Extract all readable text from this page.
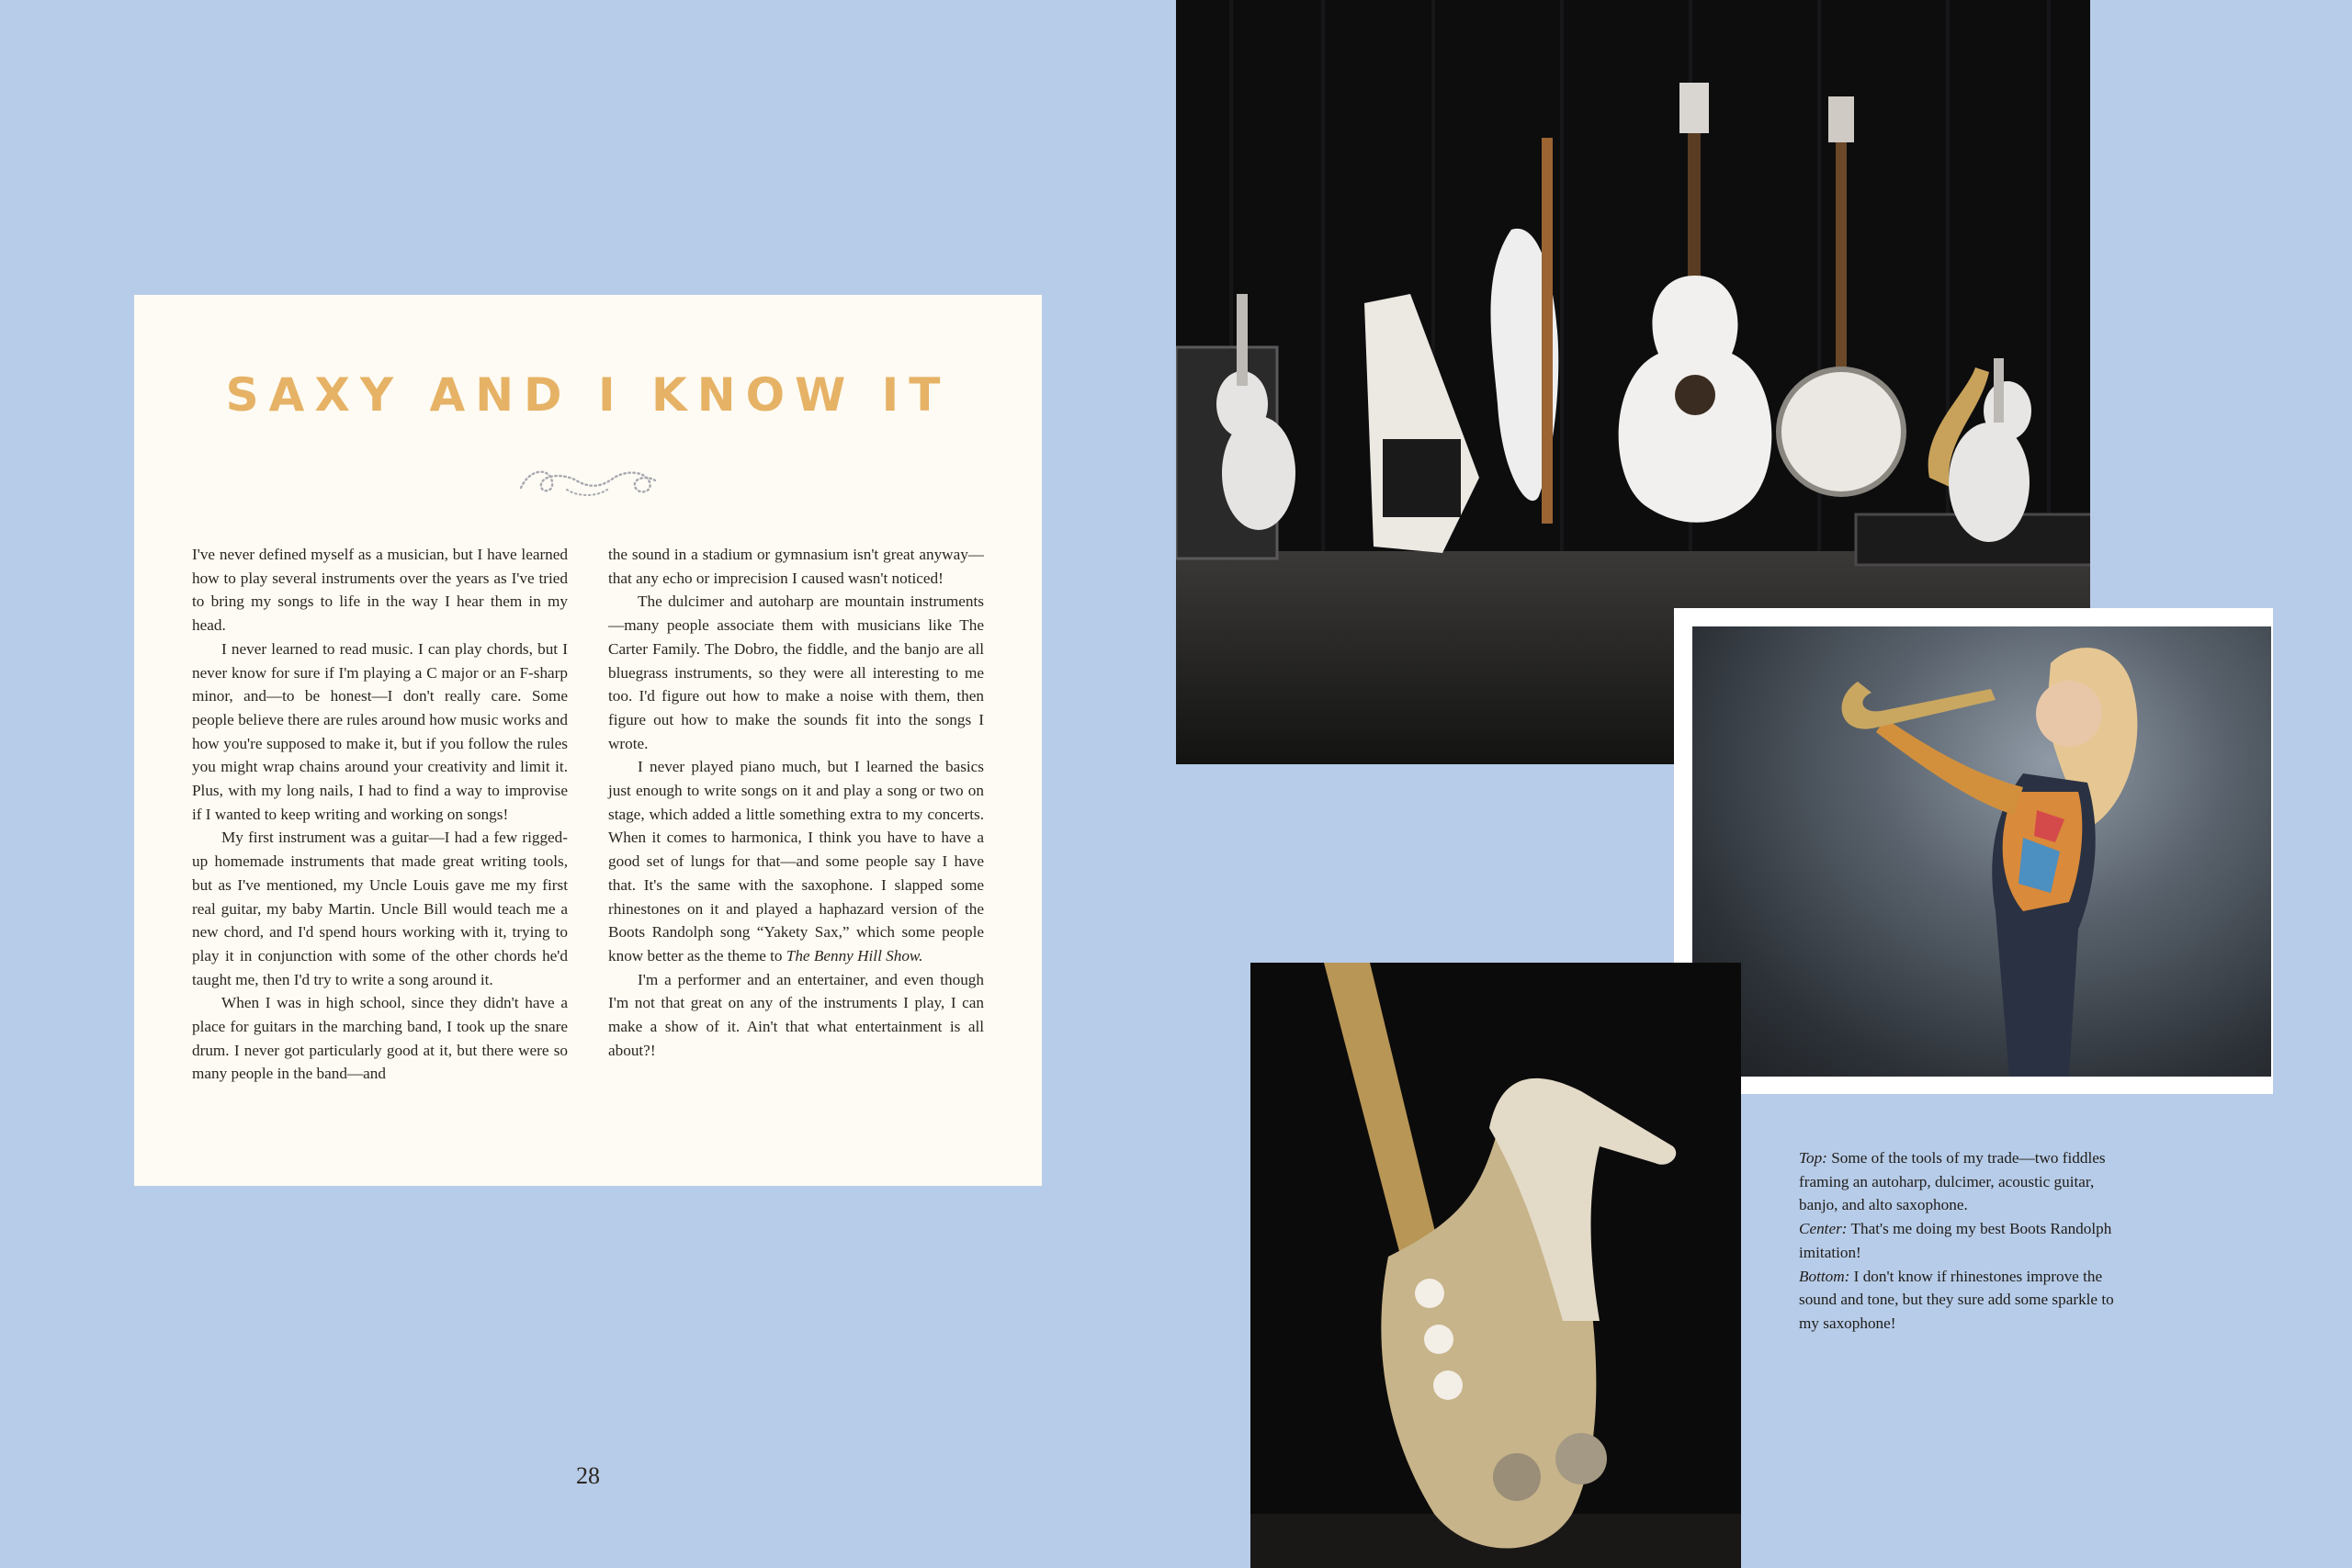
SAXY AND I KNOW IT

I've never defined myself as a musician, but I have learned how to play several instruments over the years as I've tried to bring my songs to life in the way I hear them in my head.

I never learned to read music. I can play chords, but I never know for sure if I'm playing a C major or an F-sharp minor, and—to be honest—I don't really care. Some people believe there are rules around how music works and how you're supposed to make it, but if you follow the rules you might wrap chains around your creativity and limit it. Plus, with my long nails, I had to find a way to improvise if I wanted to keep writing and working on songs!

My first instrument was a guitar—I had a few rigged-up homemade instruments that made great writing tools, but as I've mentioned, my Uncle Louis gave me my first real guitar, my baby Martin. Uncle Bill would teach me a new chord, and I'd spend hours working with it, trying to play it in conjunction with some of the other chords he'd taught me, then I'd try to write a song around it.

When I was in high school, since they didn't have a place for guitars in the marching band, I took up the snare drum. I never got particularly good at it, but there were so many people in the band—and

the sound in a stadium or gymnasium isn't great anyway—that any echo or imprecision I caused wasn't noticed!

The dulcimer and autoharp are mountain instruments—many people associate them with musicians like The Carter Family. The Dobro, the fiddle, and the banjo are all bluegrass instruments, so they were all interesting to me too. I'd figure out how to make a noise with them, then figure out how to make the sounds fit into the songs I wrote.

I never played piano much, but I learned the basics just enough to write songs on it and play a song or two on stage, which added a little something extra to my concerts. When it comes to harmonica, I think you have to have a good set of lungs for that—and some people say I have that. It's the same with the saxophone. I slapped some rhinestones on it and played a haphazard version of the Boots Randolph song “Yakety Sax,” which some people know better as the theme to The Benny Hill Show.

I'm a performer and an entertainer, and even though I'm not that great on any of the instruments I play, I can make a show of it. Ain't that what entertainment is all about?!

28
Top: Some of the tools of my trade—two fiddles framing an autoharp, dulcimer, acoustic guitar, banjo, and alto saxophone.
Center: That's me doing my best Boots Randolph imitation!
Bottom: I don't know if rhinestones improve the sound and tone, but they sure add some sparkle to my saxophone!
